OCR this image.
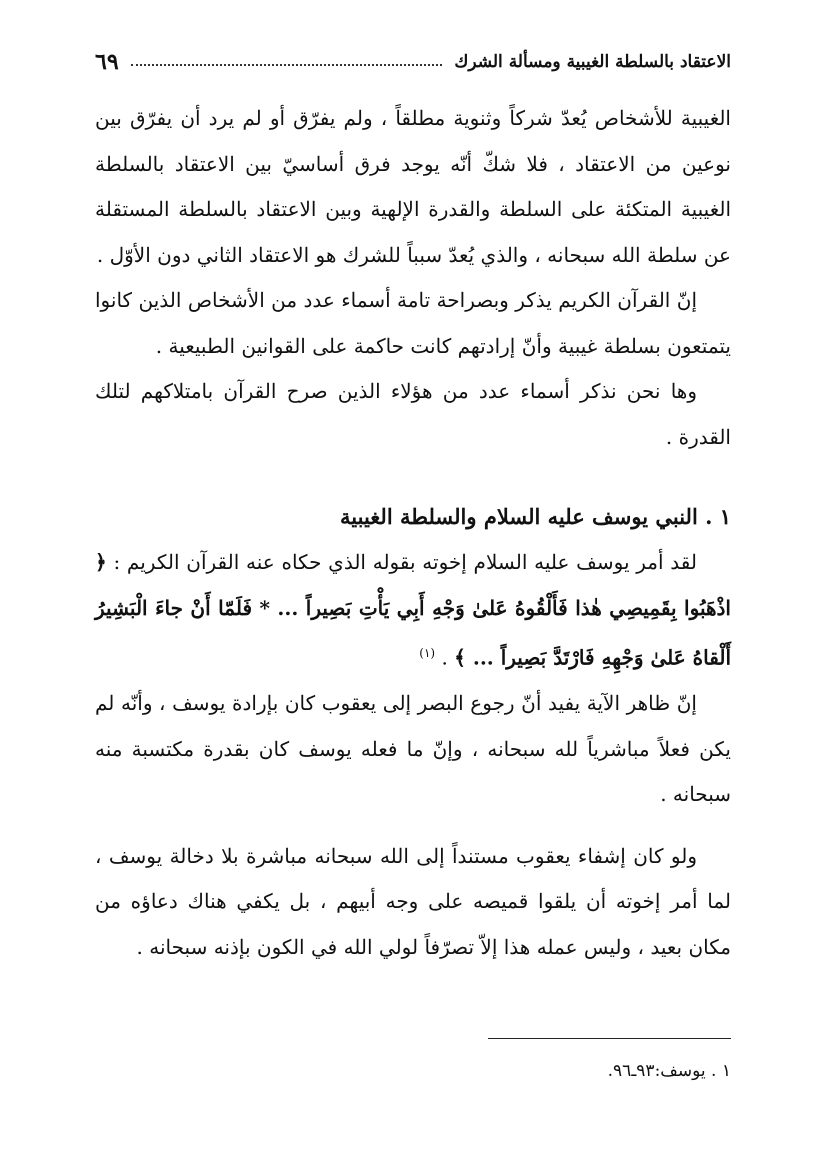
الاعتقاد بالسلطة الغيبية ومسألة الشرك
٦٩

الغيبية للأشخاص يُعدّ شركاً وثنوية مطلقاً ، ولم يفرّق أو لم يرد أن يفرّق بين نوعين من الاعتقاد ، فلا شكّ أنّه يوجد فرق أساسيّ بين الاعتقاد بالسلطة الغيبية المتكئة على السلطة والقدرة الإلهية وبين الاعتقاد بالسلطة المستقلة عن سلطة الله سبحانه ، والذي يُعدّ سبباً للشرك هو الاعتقاد الثاني دون الأوّل .

إنّ القرآن الكريم يذكر وبصراحة تامة أسماء عدد من الأشخاص الذين كانوا يتمتعون بسلطة غيبية وأنّ إرادتهم كانت حاكمة على القوانين الطبيعية .

وها نحن نذكر أسماء عدد من هؤلاء الذين صرح القرآن بامتلاكهم لتلك القدرة .

١ . النبي يوسف عليه السلام والسلطة الغيبية

لقد أمر يوسف عليه السلام إخوته بقوله الذي حكاه عنه القرآن الكريم : ﴿ اذْهَبُوا بِقَمِيصِي هٰذا فَأَلْقُوهُ عَلىٰ وَجْهِ أَبِي يَأْتِ بَصِيراً ... * فَلَمّا أَنْ جاءَ الْبَشِيرُ أَلْقاهُ عَلىٰ وَجْهِهِ فَارْتَدَّ بَصِيراً ... ﴾ . $^{(١)}$

إنّ ظاهر الآية يفيد أنّ رجوع البصر إلى يعقوب كان بإرادة يوسف ، وأنّه لم يكن فعلاً مباشرياً لله سبحانه ، وإنّ ما فعله يوسف كان بقدرة مكتسبة منه سبحانه .

ولو كان إشفاء يعقوب مستنداً إلى الله سبحانه مباشرة بلا دخالة يوسف ، لما أمر إخوته أن يلقوا قميصه على وجه أبيهم ، بل يكفي هناك دعاؤه من مكان بعيد ، وليس عمله هذا إلاّ تصرّفاً لولي الله في الكون بإذنه سبحانه .

١ . يوسف:٩٣ـ٩٦.
